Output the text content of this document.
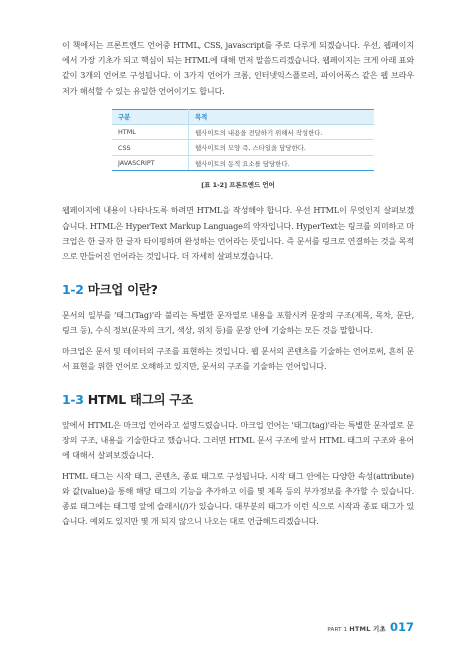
이 책에서는 프론트엔드 언어중 HTML, CSS, javascript를 주로 다루게 되겠습니다. 우선, 웹페이지에서 가장 기초가 되고 핵심이 되는 HTML에 대해 먼저 말씀드리겠습니다. 웹페이지는 크게 아래 표와 같이 3개의 언어로 구성됩니다. 이 3가지 언어가 크롬, 인터넷익스플로러, 파이어폭스 같은 웹 브라우저가 해석할 수 있는 유일한 언어이기도 합니다.

구분	목적
HTML	웹사이트의 내용을 전달하기 위해서 작성한다.
CSS	웹사이트의 모양 즉, 스타일을 담당한다.
JAVASCRIPT	웹사이트의 동적 요소를 담당한다.
[표 1-2] 프론트엔드 언어

웹페이지에 내용이 나타나도록 하려면 HTML을 작성해야 합니다. 우선 HTML이 무엇인지 살펴보겠습니다. HTML은 HyperText Markup Language의 약자입니다. HyperText는 링크를 의미하고 마크업은 한 글자 한 글자 타이핑하며 완성하는 언어라는 뜻입니다. 즉 문서를 링크로 연결하는 것을 목적으로 만들어진 언어라는 것입니다. 더 자세히 살펴보겠습니다.

1-2 마크업 이란?

문서의 일부를 '태그(Tag)'라 불리는 특별한 문자열로 내용을 포함시켜 문장의 구조(제목, 목차, 문단, 링크 등), 수식 정보(문자의 크기, 색상, 위치 등)를 문장 안에 기술하는 모든 것을 말합니다.

마크업은 문서 및 데이터의 구조를 표현하는 것입니다. 웹 문서의 콘텐츠를 기술하는 언어로써, 흔히 문서 표현을 위한 언어로 오해하고 있지만, 문서의 구조를 기술하는 언어입니다.

1-3 HTML 태그의 구조

앞에서 HTML은 마크업 언어라고 설명드렸습니다. 마크업 언어는 '태그(tag)'라는 특별한 문자열로 문장의 구조, 내용을 기술한다고 했습니다. 그러면 HTML 문서 구조에 앞서 HTML 태그의 구조와 용어에 대해서 살펴보겠습니다.

HTML 태그는 시작 태그, 콘텐츠, 종료 태그로 구성됩니다. 시작 태그 안에는 다양한 속성(attribute)와 값(value)을 통해 해당 태그의 기능을 추가하고 이를 몇 제목 등의 부가정보를 추가할 수 있습니다. 종료 태그에는 태그명 앞에 슬래시(/)가 있습니다. 대부분의 태그가 이런 식으로 시작과 종료 태그가 있습니다. 예외도 있지만 몇 개 되지 않으니 나오는 대로 언급해드리겠습니다.

PART 1 HTML 기초 017
